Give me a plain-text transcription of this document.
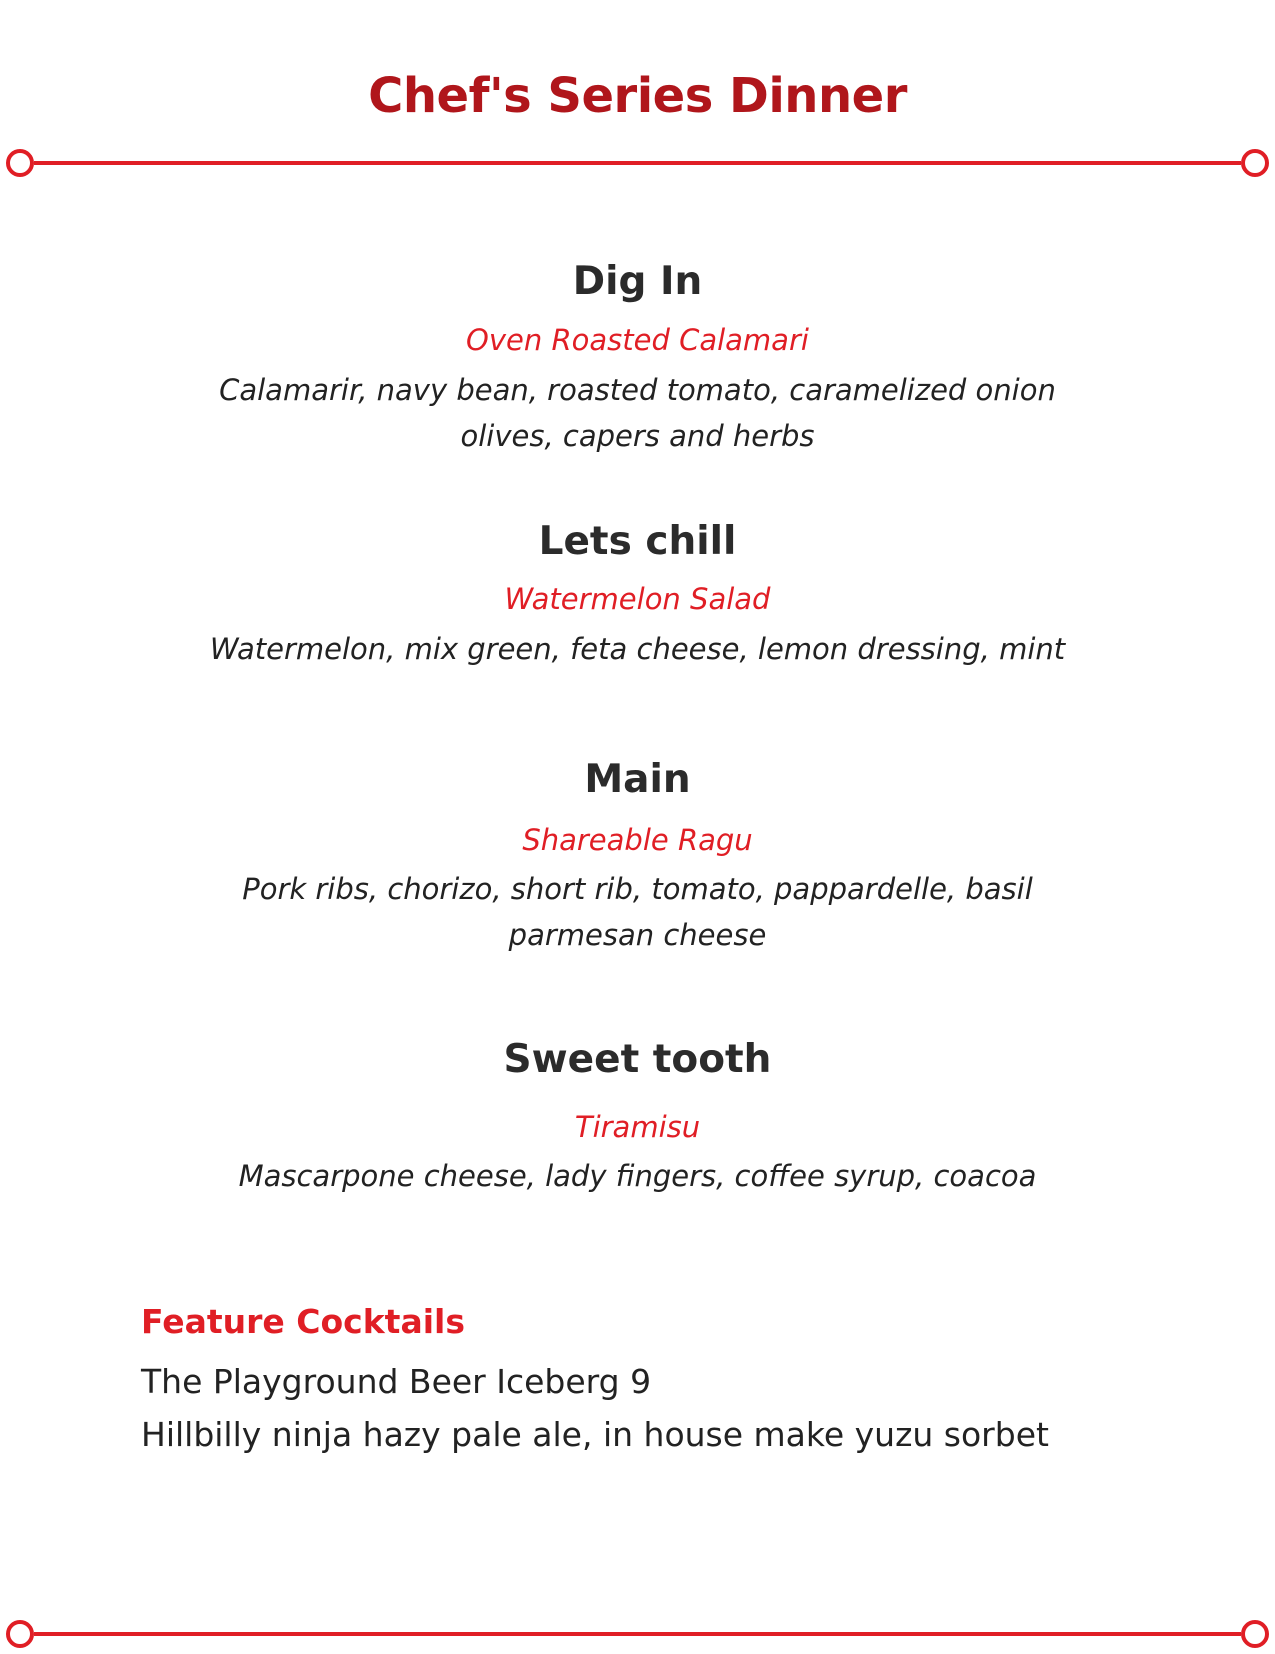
Chef's Series Dinner
Dig In
Oven Roasted Calamari
Calamarir, navy bean, roasted tomato, caramelized onion
olives, capers and herbs
Lets chill
Watermelon Salad
Watermelon, mix green, feta cheese, lemon dressing, mint
Main
Shareable Ragu
Pork ribs, chorizo, short rib, tomato, pappardelle, basil
parmesan cheese
Sweet tooth
Tiramisu
Mascarpone cheese, lady fingers, coffee syrup, coacoa
Feature Cocktails
The Playground Beer Iceberg 9
Hillbilly ninja hazy pale ale, in house make yuzu sorbet
